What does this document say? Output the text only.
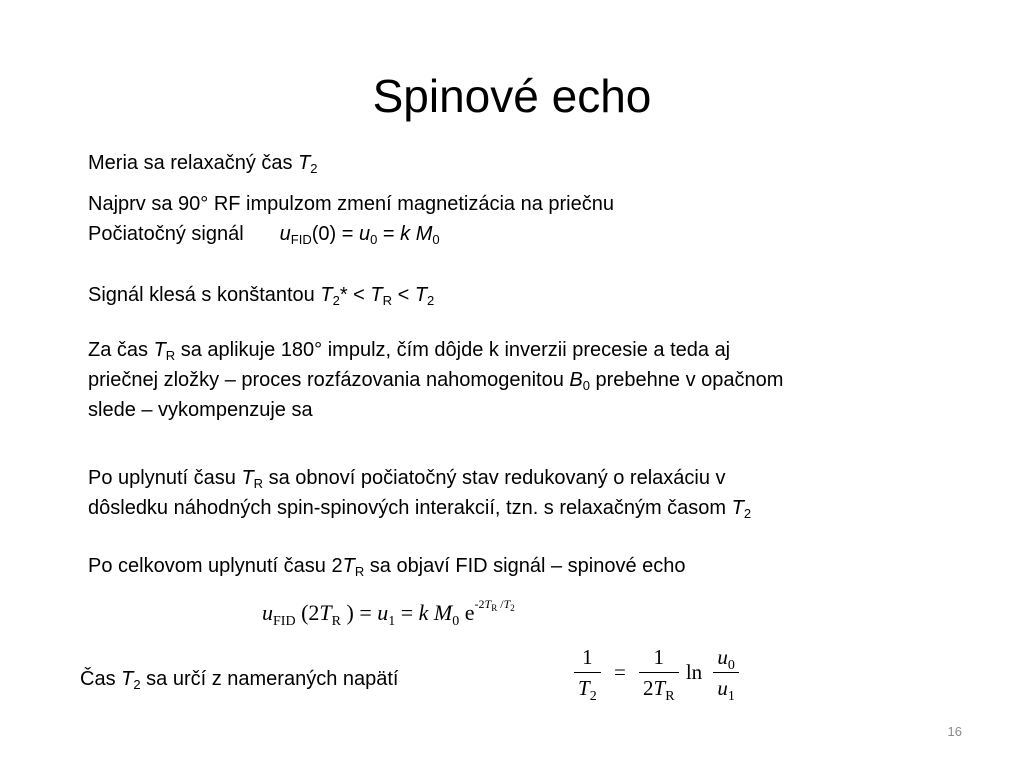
Spinové echo
Meria sa relaxačný čas $T_2$
Najprv sa 90° RF impulzom zmení magnetizácia na priečnu
Počiatočný signál $u_{FID}(0) = u_0 = k$ $M_0$
Signál klesá s konštantou $T_2* < T_R < T_2$
Za čas $T_R$ sa aplikuje 180° impulz, čím dôjde k inverzii precesie a teda aj
priečnej zložky – proces rozfázovania nahomogenitou $B_0$ prebehne v opačnom
slede – vykompenzuje sa
Po uplynutí času $T_R$ sa obnoví počiatočný stav redukovaný o relaxáciu v
dôsledku náhodných spin-spinových interakcií, tzn. s relaxačným časom $T_2$
Po celkovom uplynutí času $2T_R$ sa objaví FID signál – spinové echo
$u_{FID}$ ($2T_R$ ) = $u_1 = k$ $M_0$ $e^{-2T_R /T_2}$
Čas $T_2$ sa určí z nameraných napätí	$\frac{1}{T_2} = \frac{1}{2T_R}$ $\ln \frac{u_0}{u_1}$
16
